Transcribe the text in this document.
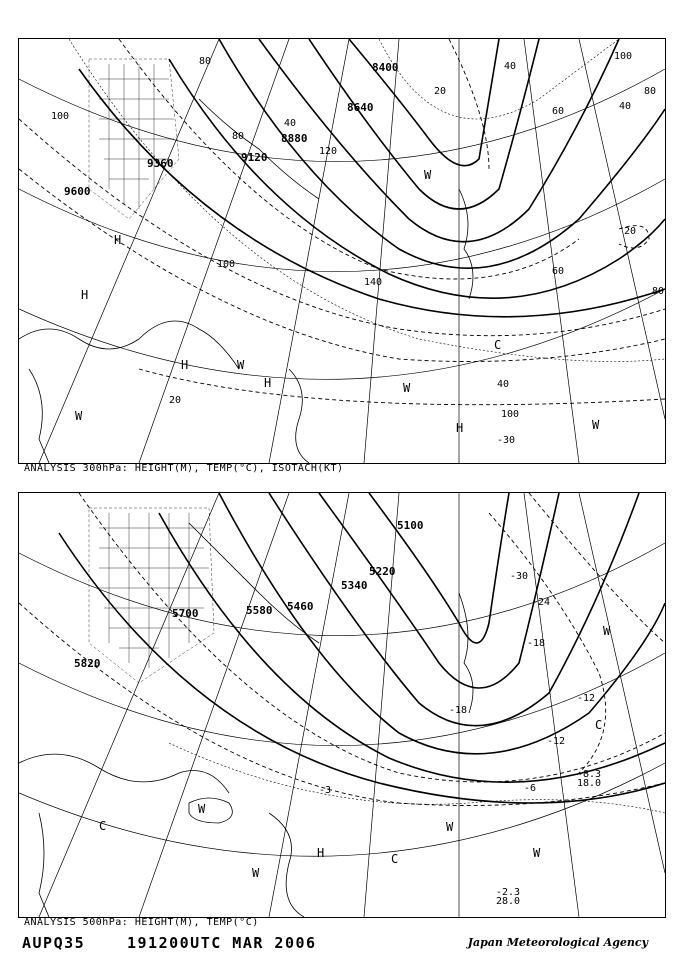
8400
8640
8880
9120
9360
9600
100
80
40
20
40
60
80
100
80
120
140
100
60
80
40
20
20
40
100
H
H
H
H
H
W
W
W
W
C
W
-30
ANALYSIS 300hPa: HEIGHT(M), TEMP(°C), ISOTACH(KT)
5100
5220
5340
5460
5580
5700
5820
-30
-24
-18
-12
-12
-6
-18
-3
W
C
W
W
H	C
W
W
C
-2.3
28.0
-8.3
18.0
ANALYSIS 500hPa: HEIGHT(M), TEMP(°C)
AUPQ35	191200UTC MAR 2006	Japan Meteorological Agency
